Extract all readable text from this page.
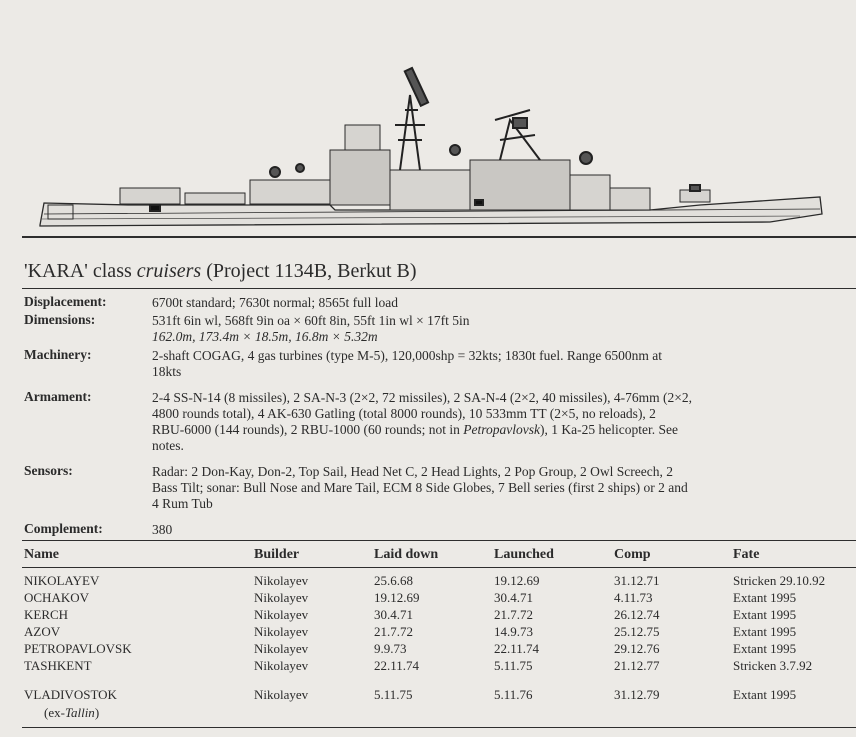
'KARA' class cruisers (Project 1134B, Berkut B)
Displacement:	6700t standard; 7630t normal; 8565t full load
Dimensions:	531ft 6in wl, 568ft 9in oa × 60ft 8in, 55ft 1in wl × 17ft 5in
162.0m, 173.4m × 18.5m, 16.8m × 5.32m
Machinery:	2-shaft COGAG, 4 gas turbines (type M-5), 120,000shp = 32kts; 1830t fuel. Range 6500nm at
18kts
Armament:	2-4 SS-N-14 (8 missiles), 2 SA-N-3 (2×2, 72 missiles), 2 SA-N-4 (2×2, 40 missiles), 4-76mm (2×2,
4800 rounds total), 4 AK-630 Gatling (total 8000 rounds), 10 533mm TT (2×5, no reloads), 2
RBU-6000 (144 rounds), 2 RBU-1000 (60 rounds; not in Petropavlovsk), 1 Ka-25 helicopter. See
notes.
Sensors:	Radar: 2 Don-Kay, Don-2, Top Sail, Head Net C, 2 Head Lights, 2 Pop Group, 2 Owl Screech, 2
Bass Tilt; sonar: Bull Nose and Mare Tail, ECM 8 Side Globes, 7 Bell series (first 2 ships) or 2 and
4 Rum Tub
Complement:	380
Name	Builder	Laid down	Launched	Comp	Fate
NIKOLAYEV	Nikolayev	25.6.68	19.12.69	31.12.71	Stricken 29.10.92
OCHAKOV	Nikolayev	19.12.69	30.4.71	4.11.73	Extant 1995
KERCH	Nikolayev	30.4.71	21.7.72	26.12.74	Extant 1995
AZOV	Nikolayev	21.7.72	14.9.73	25.12.75	Extant 1995
PETROPAVLOVSK	Nikolayev	9.9.73	22.11.74	29.12.76	Extant 1995
TASHKENT	Nikolayev	22.11.74	5.11.75	21.12.77	Stricken 3.7.92
VLADIVOSTOK	Nikolayev	5.11.75	5.11.76	31.12.79	Extant 1995
(ex-Tallin)
